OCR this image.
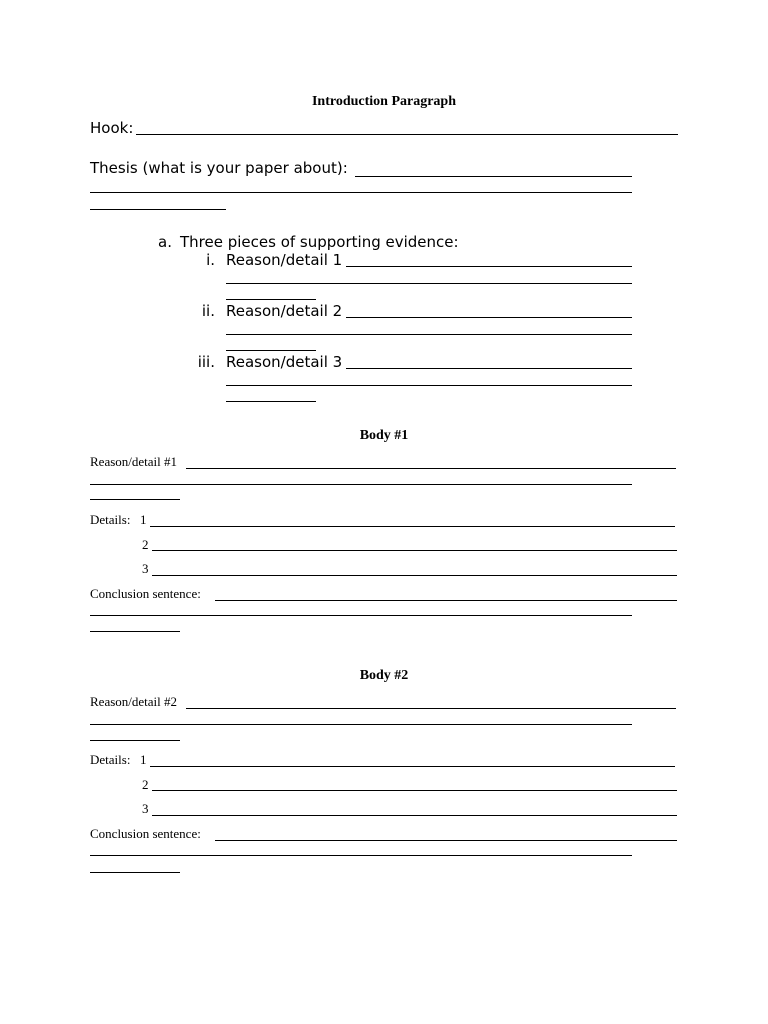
Introduction Paragraph
Hook:
Thesis (what is your paper about):
a. Three pieces of supporting evidence:
i. Reason/detail 1
ii. Reason/detail 2
iii. Reason/detail 3
Body #1
Reason/detail #1
Details: 1
2
3
Conclusion sentence:
Body #2
Reason/detail #2
Details: 1
2
3
Conclusion sentence:
